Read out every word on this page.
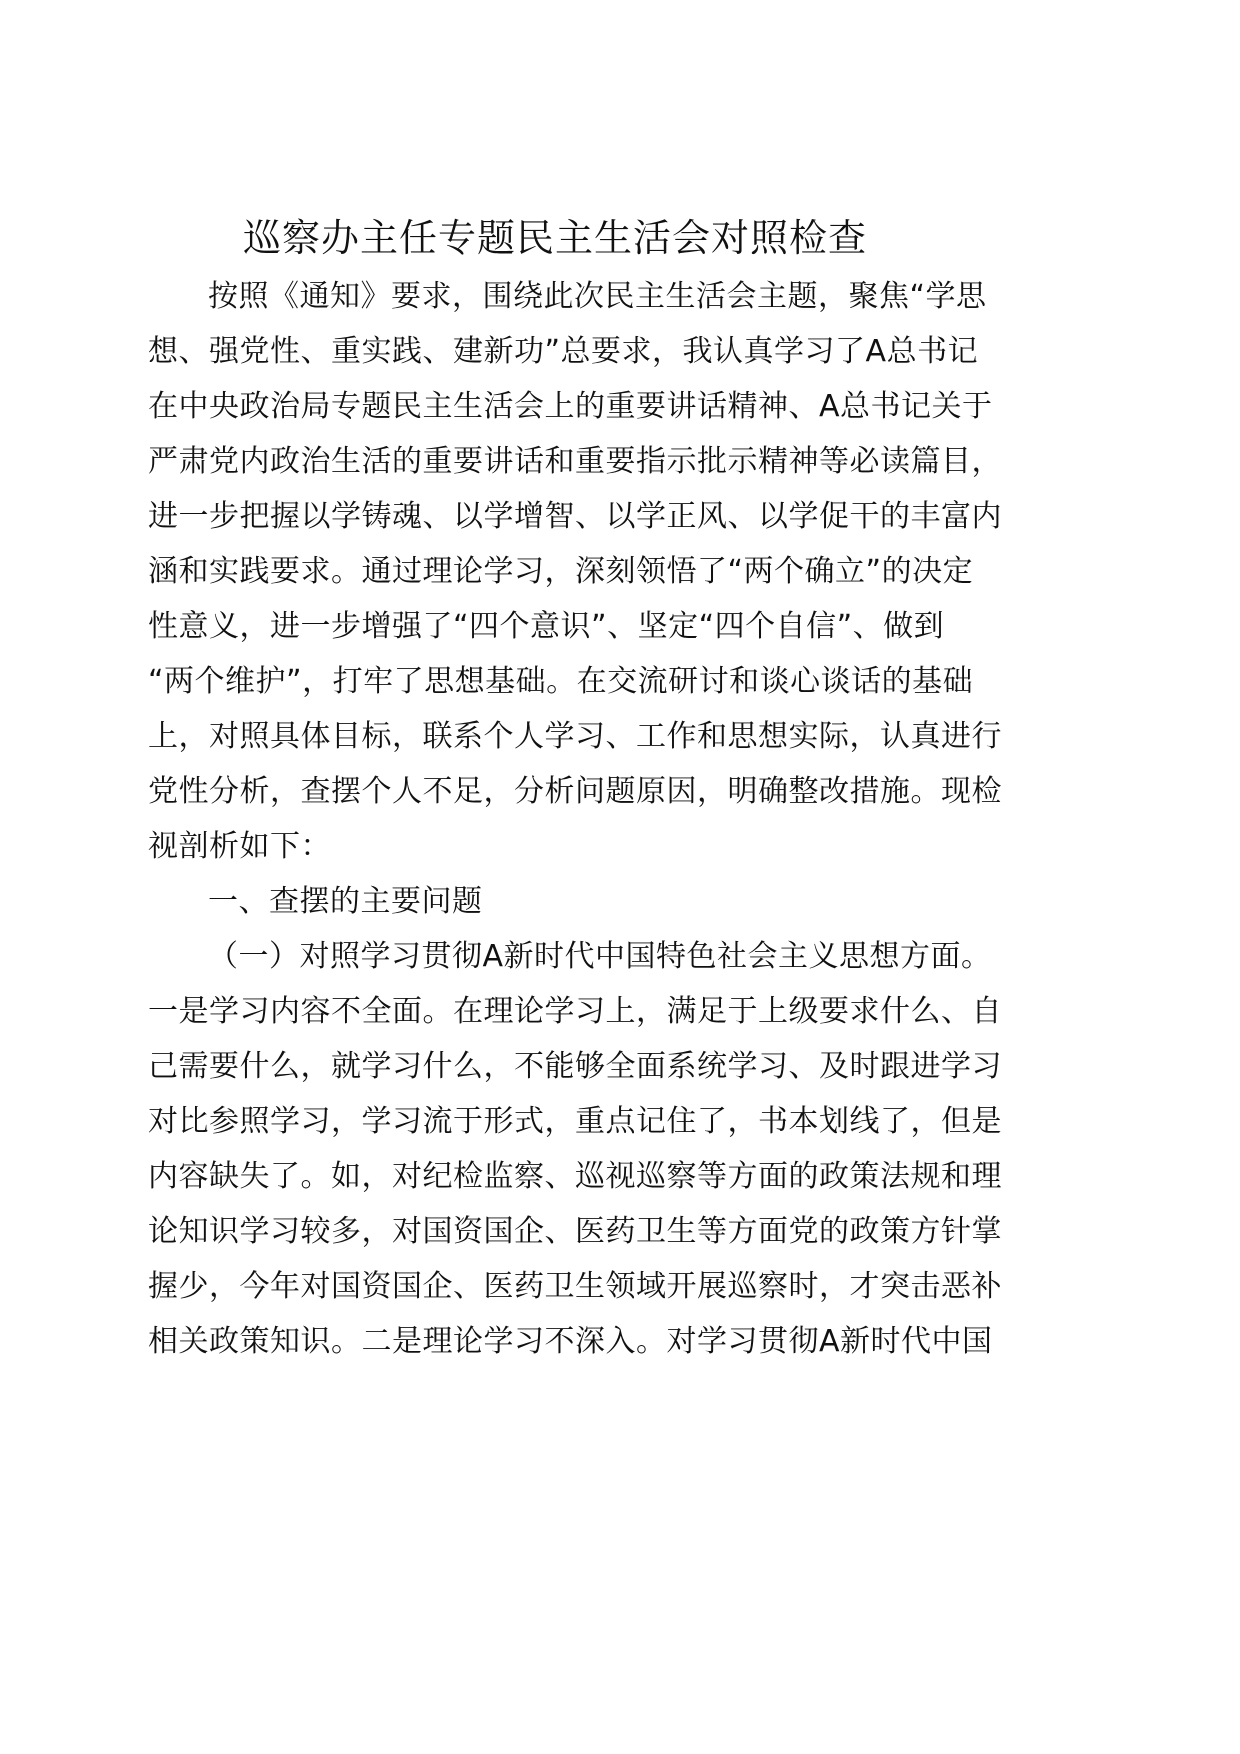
巡察办主任专题民主生活会对照检查
按照《通知》要求，围绕此次民主生活会主题，聚焦“学思
想、强党性、重实践、建新功”总要求，我认真学习了A总书记
在中央政治局专题民主生活会上的重要讲话精神、A总书记关于
严肃党内政治生活的重要讲话和重要指示批示精神等必读篇目，
进一步把握以学铸魂、以学增智、以学正风、以学促干的丰富内
涵和实践要求。通过理论学习，深刻领悟了“两个确立”的决定
性意义，进一步增强了“四个意识”、坚定“四个自信”、做到
“两个维护”，打牢了思想基础。在交流研讨和谈心谈话的基础
上，对照具体目标，联系个人学习、工作和思想实际，认真进行
党性分析，查摆个人不足，分析问题原因，明确整改措施。现检
视剖析如下：
一、查摆的主要问题
（一）对照学习贯彻A新时代中国特色社会主义思想方面。
一是学习内容不全面。在理论学习上，满足于上级要求什么、自
己需要什么，就学习什么，不能够全面系统学习、及时跟进学习
对比参照学习，学习流于形式，重点记住了，书本划线了，但是
内容缺失了。如，对纪检监察、巡视巡察等方面的政策法规和理
论知识学习较多，对国资国企、医药卫生等方面党的政策方针掌
握少，今年对国资国企、医药卫生领域开展巡察时，才突击恶补
相关政策知识。二是理论学习不深入。对学习贯彻A新时代中国
